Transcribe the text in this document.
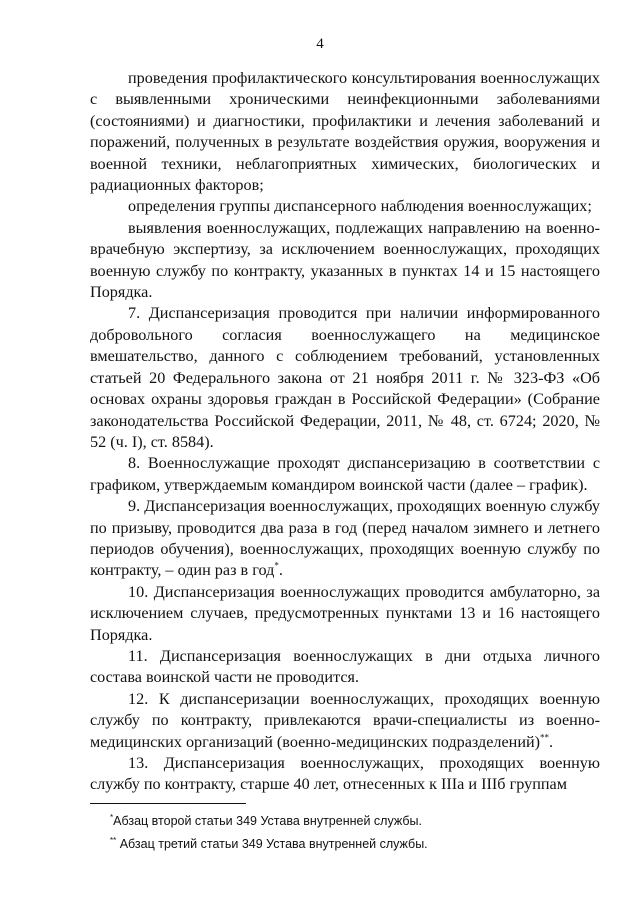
4

проведения профилактического консультирования военнослужащих с выявленными хроническими неинфекционными заболеваниями (состояниями) и диагностики, профилактики и лечения заболеваний и поражений, полученных в результате воздействия оружия, вооружения и военной техники, неблагоприятных химических, биологических и радиационных факторов;

определения группы диспансерного наблюдения военнослужащих;

выявления военнослужащих, подлежащих направлению на военно-врачебную экспертизу, за исключением военнослужащих, проходящих военную службу по контракту, указанных в пунктах 14 и 15 настоящего Порядка.

7. Диспансеризация проводится при наличии информированного добровольного согласия военнослужащего на медицинское вмешательство, данного с соблюдением требований, установленных статьей 20 Федерального закона от 21 ноября 2011 г. № 323-ФЗ «Об основах охраны здоровья граждан в Российской Федерации» (Собрание законодательства Российской Федерации, 2011, № 48, ст. 6724; 2020, № 52 (ч. I), ст. 8584).

8. Военнослужащие проходят диспансеризацию в соответствии с графиком, утверждаемым командиром воинской части (далее – график).

9. Диспансеризация военнослужащих, проходящих военную службу по призыву, проводится два раза в год (перед началом зимнего и летнего периодов обучения), военнослужащих, проходящих военную службу по контракту, – один раз в год*.

10. Диспансеризация военнослужащих проводится амбулаторно, за исключением случаев, предусмотренных пунктами 13 и 16 настоящего Порядка.

11. Диспансеризация военнослужащих в дни отдыха личного состава воинской части не проводится.

12. К диспансеризации военнослужащих, проходящих военную службу по контракту, привлекаются врачи-специалисты из военно-медицинских организаций (военно-медицинских подразделений)**.

13. Диспансеризация военнослужащих, проходящих военную службу по контракту, старше 40 лет, отнесенных к IIIа и IIIб группам

*Абзац второй статьи 349 Устава внутренней службы.

** Абзац третий статьи 349 Устава внутренней службы.
